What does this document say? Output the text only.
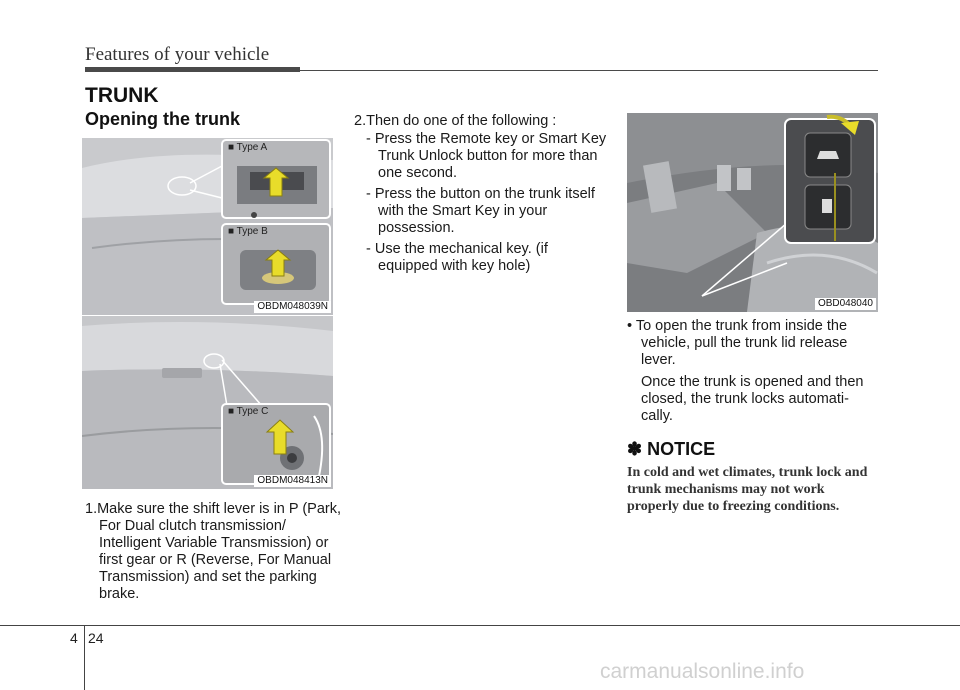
Features of your vehicle
TRUNK
Opening the trunk
■ Type A
■ Type B
OBDM048039N
■ Type C
OBDM048413N
1.Make sure the shift lever is in P (Park, For Dual clutch transmission/ Intelligent Variable Transmission) or first gear or R (Reverse, For Manual Transmission) and set the parking brake.
2.Then do one of the following :
- Press the Remote key or Smart Key Trunk Unlock button for more than one second.
- Press the button on the trunk itself with the Smart Key in your possession.
- Use the mechanical key. (if equipped with key hole)
OBD048040
• To open the trunk from inside the vehicle, pull the trunk lid release lever.
Once the trunk is opened and then closed, the trunk locks automati- cally.
✽ NOTICE
In cold and wet climates, trunk lock and trunk mechanisms may not work properly due to freezing conditions.
4 24
carmanualsonline.info
